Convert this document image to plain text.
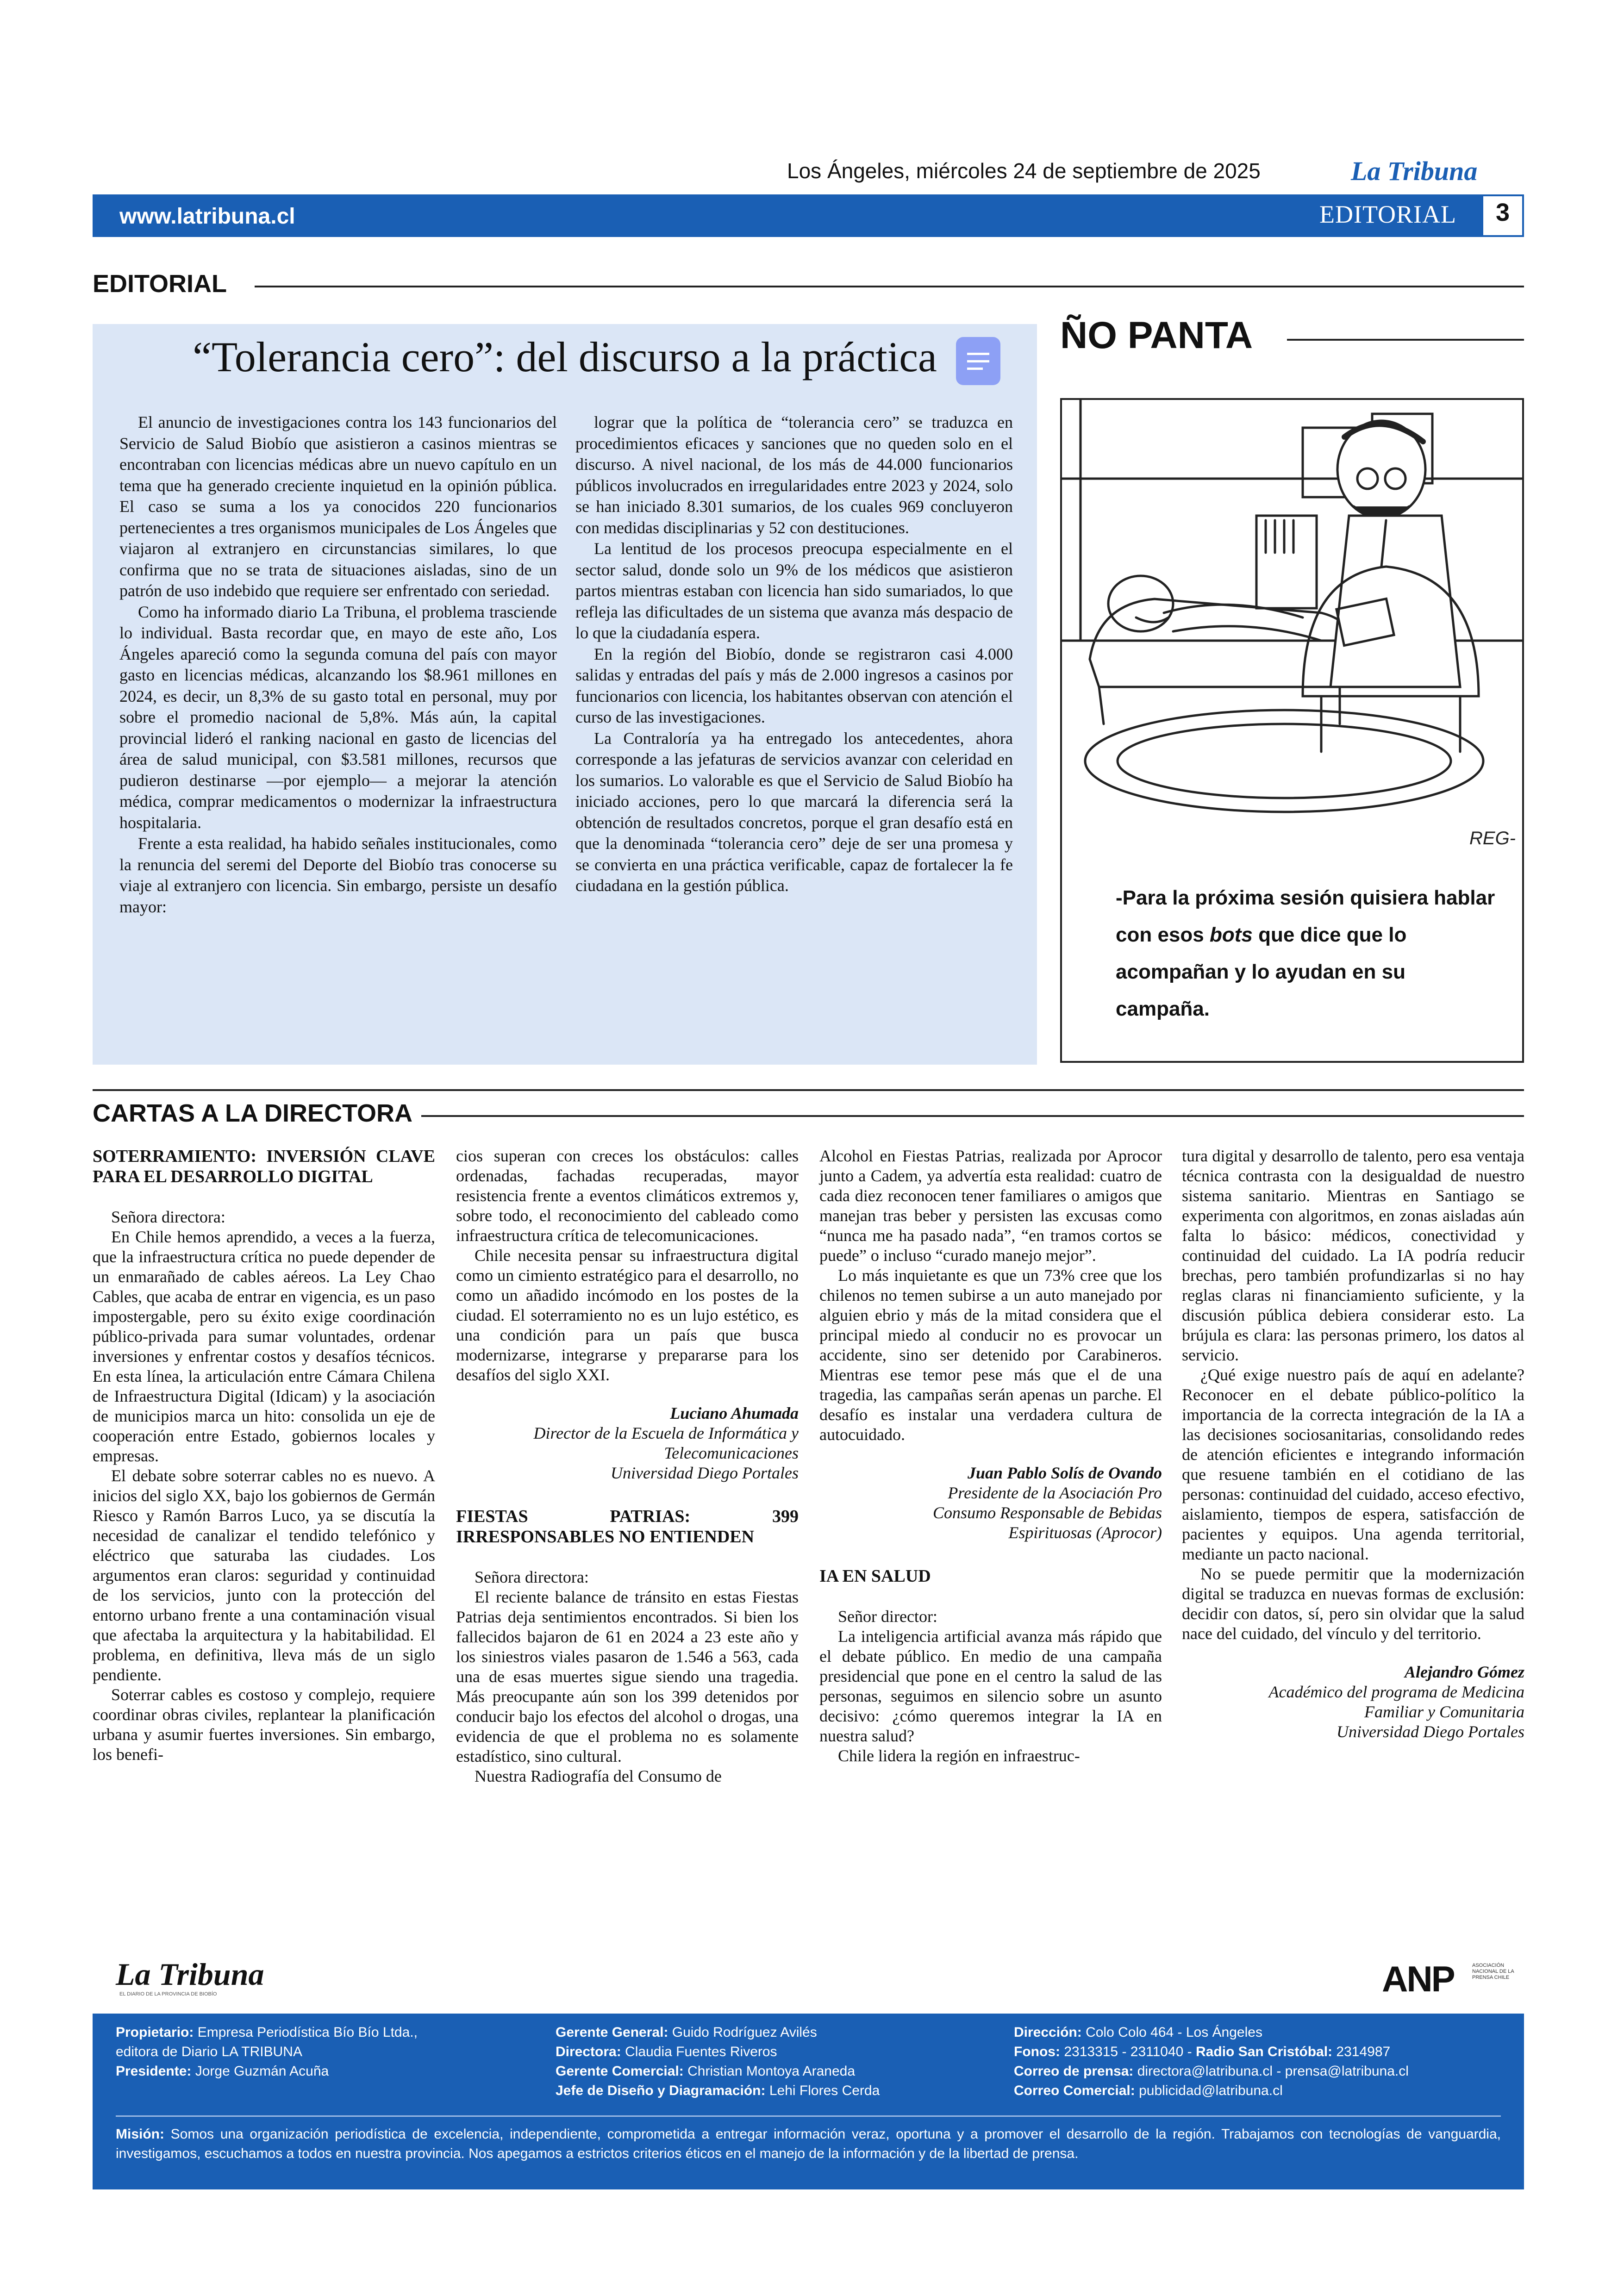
Los Ángeles, miércoles 24 de septiembre de 2025	La Tribuna
www.latribuna.cl	EDITORIAL	3
EDITORIAL
“Tolerancia cero”: del discurso a la práctica

El anuncio de investigaciones contra los 143 funcionarios del Servicio de Salud Biobío que asistieron a casinos mientras se encontraban con licencias médicas abre un nuevo capítulo en un tema que ha generado creciente inquietud en la opinión pública. El caso se suma a los ya conocidos 220 funcionarios pertenecientes a tres organismos municipales de Los Ángeles que viajaron al extranjero en circunstancias similares, lo que confirma que no se trata de situaciones aisladas, sino de un patrón de uso indebido que requiere ser enfrentado con seriedad.

Como ha informado diario La Tribuna, el problema trasciende lo individual. Basta recordar que, en mayo de este año, Los Ángeles apareció como la segunda comuna del país con mayor gasto en licencias médicas, alcanzando los $8.961 millones en 2024, es decir, un 8,3% de su gasto total en personal, muy por sobre el promedio nacional de 5,8%. Más aún, la capital provincial lideró el ranking nacional en gasto de licencias del área de salud municipal, con $3.581 millones, recursos que pudieron destinarse —por ejemplo— a mejorar la atención médica, comprar medicamentos o modernizar la infraestructura hospitalaria.

Frente a esta realidad, ha habido señales institucionales, como la renuncia del seremi del Deporte del Biobío tras conocerse su viaje al extranjero con licencia. Sin embargo, persiste un desafío mayor:

lograr que la política de “tolerancia cero” se traduzca en procedimientos eficaces y sanciones que no queden solo en el discurso. A nivel nacional, de los más de 44.000 funcionarios públicos involucrados en irregularidades entre 2023 y 2024, solo se han iniciado 8.301 sumarios, de los cuales 969 concluyeron con medidas disciplinarias y 52 con destituciones.

La lentitud de los procesos preocupa especialmente en el sector salud, donde solo un 9% de los médicos que asistieron partos mientras estaban con licencia han sido sumariados, lo que refleja las dificultades de un sistema que avanza más despacio de lo que la ciudadanía espera.

En la región del Biobío, donde se registraron casi 4.000 salidas y entradas del país y más de 2.000 ingresos a casinos por funcionarios con licencia, los habitantes observan con atención el curso de las investigaciones.

La Contraloría ya ha entregado los antecedentes, ahora corresponde a las jefaturas de servicios avanzar con celeridad en los sumarios. Lo valorable es que el Servicio de Salud Biobío ha iniciado acciones, pero lo que marcará la diferencia será la obtención de resultados concretos, porque el gran desafío está en que la denominada “tolerancia cero” deje de ser una promesa y se convierta en una práctica verificable, capaz de fortalecer la fe ciudadana en la gestión pública.

ÑO PANTA
REG-
-Para la próxima sesión quisiera hablar con esos bots que dice que lo acompañan y lo ayudan en su campaña.
CARTAS A LA DIRECTORA
SOTERRAMIENTO: INVERSIÓN CLAVE PARA EL DESARROLLO DIGITAL

Señora directora:

En Chile hemos aprendido, a veces a la fuerza, que la infraestructura crítica no puede depender de un enmarañado de cables aéreos. La Ley Chao Cables, que acaba de entrar en vigencia, es un paso impostergable, pero su éxito exige coordinación público-privada para sumar voluntades, ordenar inversiones y enfrentar costos y desafíos técnicos. En esta línea, la articulación entre Cámara Chilena de Infraestructura Digital (Idicam) y la asociación de municipios marca un hito: consolida un eje de cooperación entre Estado, gobiernos locales y empresas.

El debate sobre soterrar cables no es nuevo. A inicios del siglo XX, bajo los gobiernos de Germán Riesco y Ramón Barros Luco, ya se discutía la necesidad de canalizar el tendido telefónico y eléctrico que saturaba las ciudades. Los argumentos eran claros: seguridad y continuidad de los servicios, junto con la protección del entorno urbano frente a una contaminación visual que afectaba la arquitectura y la habitabilidad. El problema, en definitiva, lleva más de un siglo pendiente.

Soterrar cables es costoso y complejo, requiere coordinar obras civiles, replantear la planificación urbana y asumir fuertes inversiones. Sin embargo, los benefi-

cios superan con creces los obstáculos: calles ordenadas, fachadas recuperadas, mayor resistencia frente a eventos climáticos extremos y, sobre todo, el reconocimiento del cableado como infraestructura crítica de telecomunicaciones.

Chile necesita pensar su infraestructura digital como un cimiento estratégico para el desarrollo, no como un añadido incómodo en los postes de la ciudad. El soterramiento no es un lujo estético, es una condición para un país que busca modernizarse, integrarse y prepararse para los desafíos del siglo XXI.

Luciano Ahumada
Director de la Escuela de Informática y
Telecomunicaciones
Universidad Diego Portales
FIESTAS PATRIAS: 399 IRRESPONSABLES NO ENTIENDEN

Señora directora:

El reciente balance de tránsito en estas Fiestas Patrias deja sentimientos encontrados. Si bien los fallecidos bajaron de 61 en 2024 a 23 este año y los siniestros viales pasaron de 1.546 a 563, cada una de esas muertes sigue siendo una tragedia. Más preocupante aún son los 399 detenidos por conducir bajo los efectos del alcohol o drogas, una evidencia de que el problema no es solamente estadístico, sino cultural.

Nuestra Radiografía del Consumo de

Alcohol en Fiestas Patrias, realizada por Aprocor junto a Cadem, ya advertía esta realidad: cuatro de cada diez reconocen tener familiares o amigos que manejan tras beber y persisten las excusas como “nunca me ha pasado nada”, “en tramos cortos se puede” o incluso “curado manejo mejor”.

Lo más inquietante es que un 73% cree que los chilenos no temen subirse a un auto manejado por alguien ebrio y más de la mitad considera que el principal miedo al conducir no es provocar un accidente, sino ser detenido por Carabineros. Mientras ese temor pese más que el de una tragedia, las campañas serán apenas un parche. El desafío es instalar una verdadera cultura de autocuidado.

Juan Pablo Solís de Ovando
Presidente de la Asociación Pro
Consumo Responsable de Bebidas
Espirituosas (Aprocor)
IA EN SALUD

Señor director:

La inteligencia artificial avanza más rápido que el debate público. En medio de una campaña presidencial que pone en el centro la salud de las personas, seguimos en silencio sobre un asunto decisivo: ¿cómo queremos integrar la IA en nuestra salud?

Chile lidera la región en infraestruc-

tura digital y desarrollo de talento, pero esa ventaja técnica contrasta con la desigualdad de nuestro sistema sanitario. Mientras en Santiago se experimenta con algoritmos, en zonas aisladas aún falta lo básico: médicos, conectividad y continuidad del cuidado. La IA podría reducir brechas, pero también profundizarlas si no hay reglas claras ni financiamiento suficiente, y la discusión pública debiera considerar esto. La brújula es clara: las personas primero, los datos al servicio.

¿Qué exige nuestro país de aquí en adelante? Reconocer en el debate público-político la importancia de la correcta integración de la IA a las decisiones sociosanitarias, consolidando redes de atención eficientes e integrando información que resuene también en el cotidiano de las personas: continuidad del cuidado, acceso efectivo, aislamiento, tiempos de espera, satisfacción de pacientes y equipos. Una agenda territorial, mediante un pacto nacional.

No se puede permitir que la modernización digital se traduzca en nuevas formas de exclusión: decidir con datos, sí, pero sin olvidar que la salud nace del cuidado, del vínculo y del territorio.

Alejandro Gómez
Académico del programa de Medicina
Familiar y Comunitaria
Universidad Diego Portales
La Tribuna
EL DIARIO DE LA PROVINCIA DE BIOBÍO	ANP	ASOCIACIÓN NACIONAL DE LA PRENSA CHILE
Propietario: Empresa Periodística Bío Bío Ltda.,
editora de Diario LA TRIBUNA
Presidente: Jorge Guzmán Acuña
Gerente General: Guido Rodríguez Avilés
Directora: Claudia Fuentes Riveros
Gerente Comercial: Christian Montoya Araneda
Jefe de Diseño y Diagramación: Lehi Flores Cerda
Dirección: Colo Colo 464 - Los Ángeles
Fonos: 2313315 - 2311040 - Radio San Cristóbal: 2314987
Correo de prensa: directora@latribuna.cl - prensa@latribuna.cl
Correo Comercial: publicidad@latribuna.cl
Misión: Somos una organización periodística de excelencia, independiente, comprometida a entregar información veraz, oportuna y a promover el desarrollo de la región. Trabajamos con tecnologías de vanguardia, investigamos, escuchamos a todos en nuestra provincia. Nos apegamos a estrictos criterios éticos en el manejo de la información y de la libertad de prensa.
